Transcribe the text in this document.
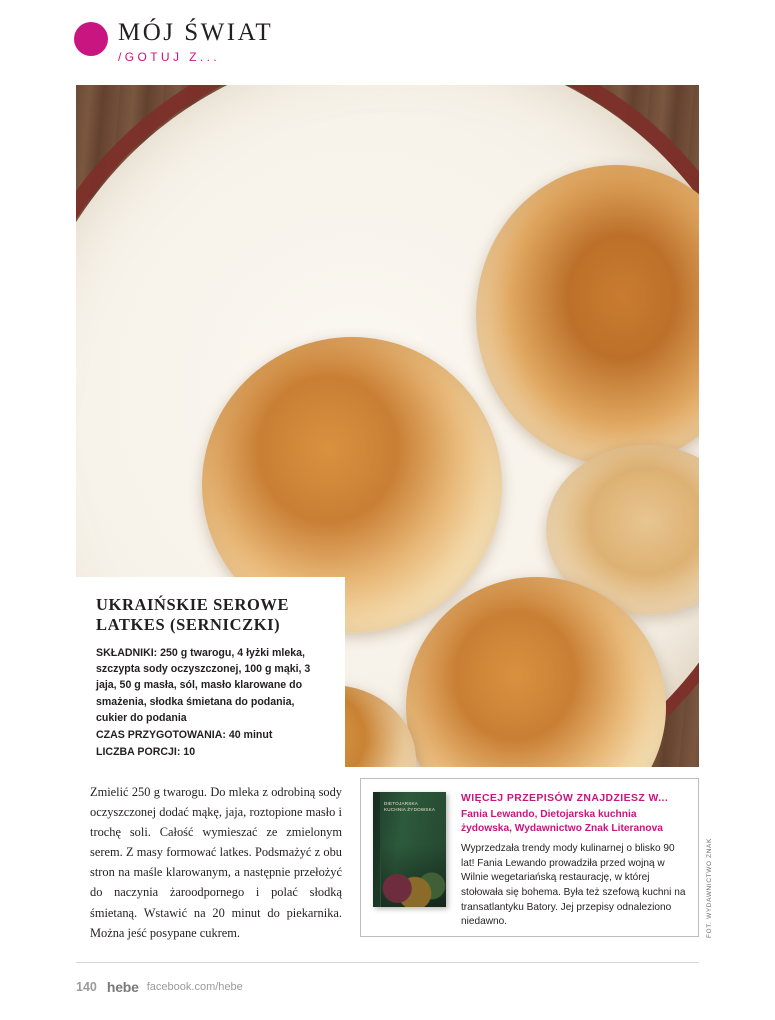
MÓJ ŚWIAT
/GOTUJ Z...
UKRAIŃSKIE SEROWE LATKES (SERNICZKI)
SKŁADNIKI: 250 g twarogu, 4 łyżki mleka, szczypta sody oczyszczonej, 100 g mąki, 3 jaja, 50 g masła, sól, masło klarowane do smażenia, słodka śmietana do podania, cukier do podania
CZAS PRZYGOTOWANIA: 40 minut
LICZBA PORCJI: 10

Zmielić 250 g twarogu. Do mleka z odrobiną sody oczyszczonej dodać mąkę, jaja, roztopione masło i trochę soli. Całość wymieszać ze zmielonym serem. Z masy formować latkes. Podsmażyć z obu stron na maśle klarowanym, a następnie przełożyć do naczynia żaroodpornego i polać słodką śmietaną. Wstawić na 20 minut do piekarnika. Można jeść posypane cukrem.

DIETOJARSKA KUCHNIA ŻYDOWSKA
WIĘCEJ PRZEPISÓW ZNAJDZIESZ W...
Fania Lewando, Dietojarska kuchnia żydowska, Wydawnictwo Znak Literanova
Wyprzedzała trendy mody kulinarnej o blisko 90 lat! Fania Lewando prowadziła przed wojną w Wilnie wegetariańską restaurację, w której stołowała się bohema. Była też szefową kuchni na transatlantyku Batory. Jej przepisy odnaleziono niedawno.	FOT. WYDAWNICTWO ZNAK
140 hebe facebook.com/hebe
